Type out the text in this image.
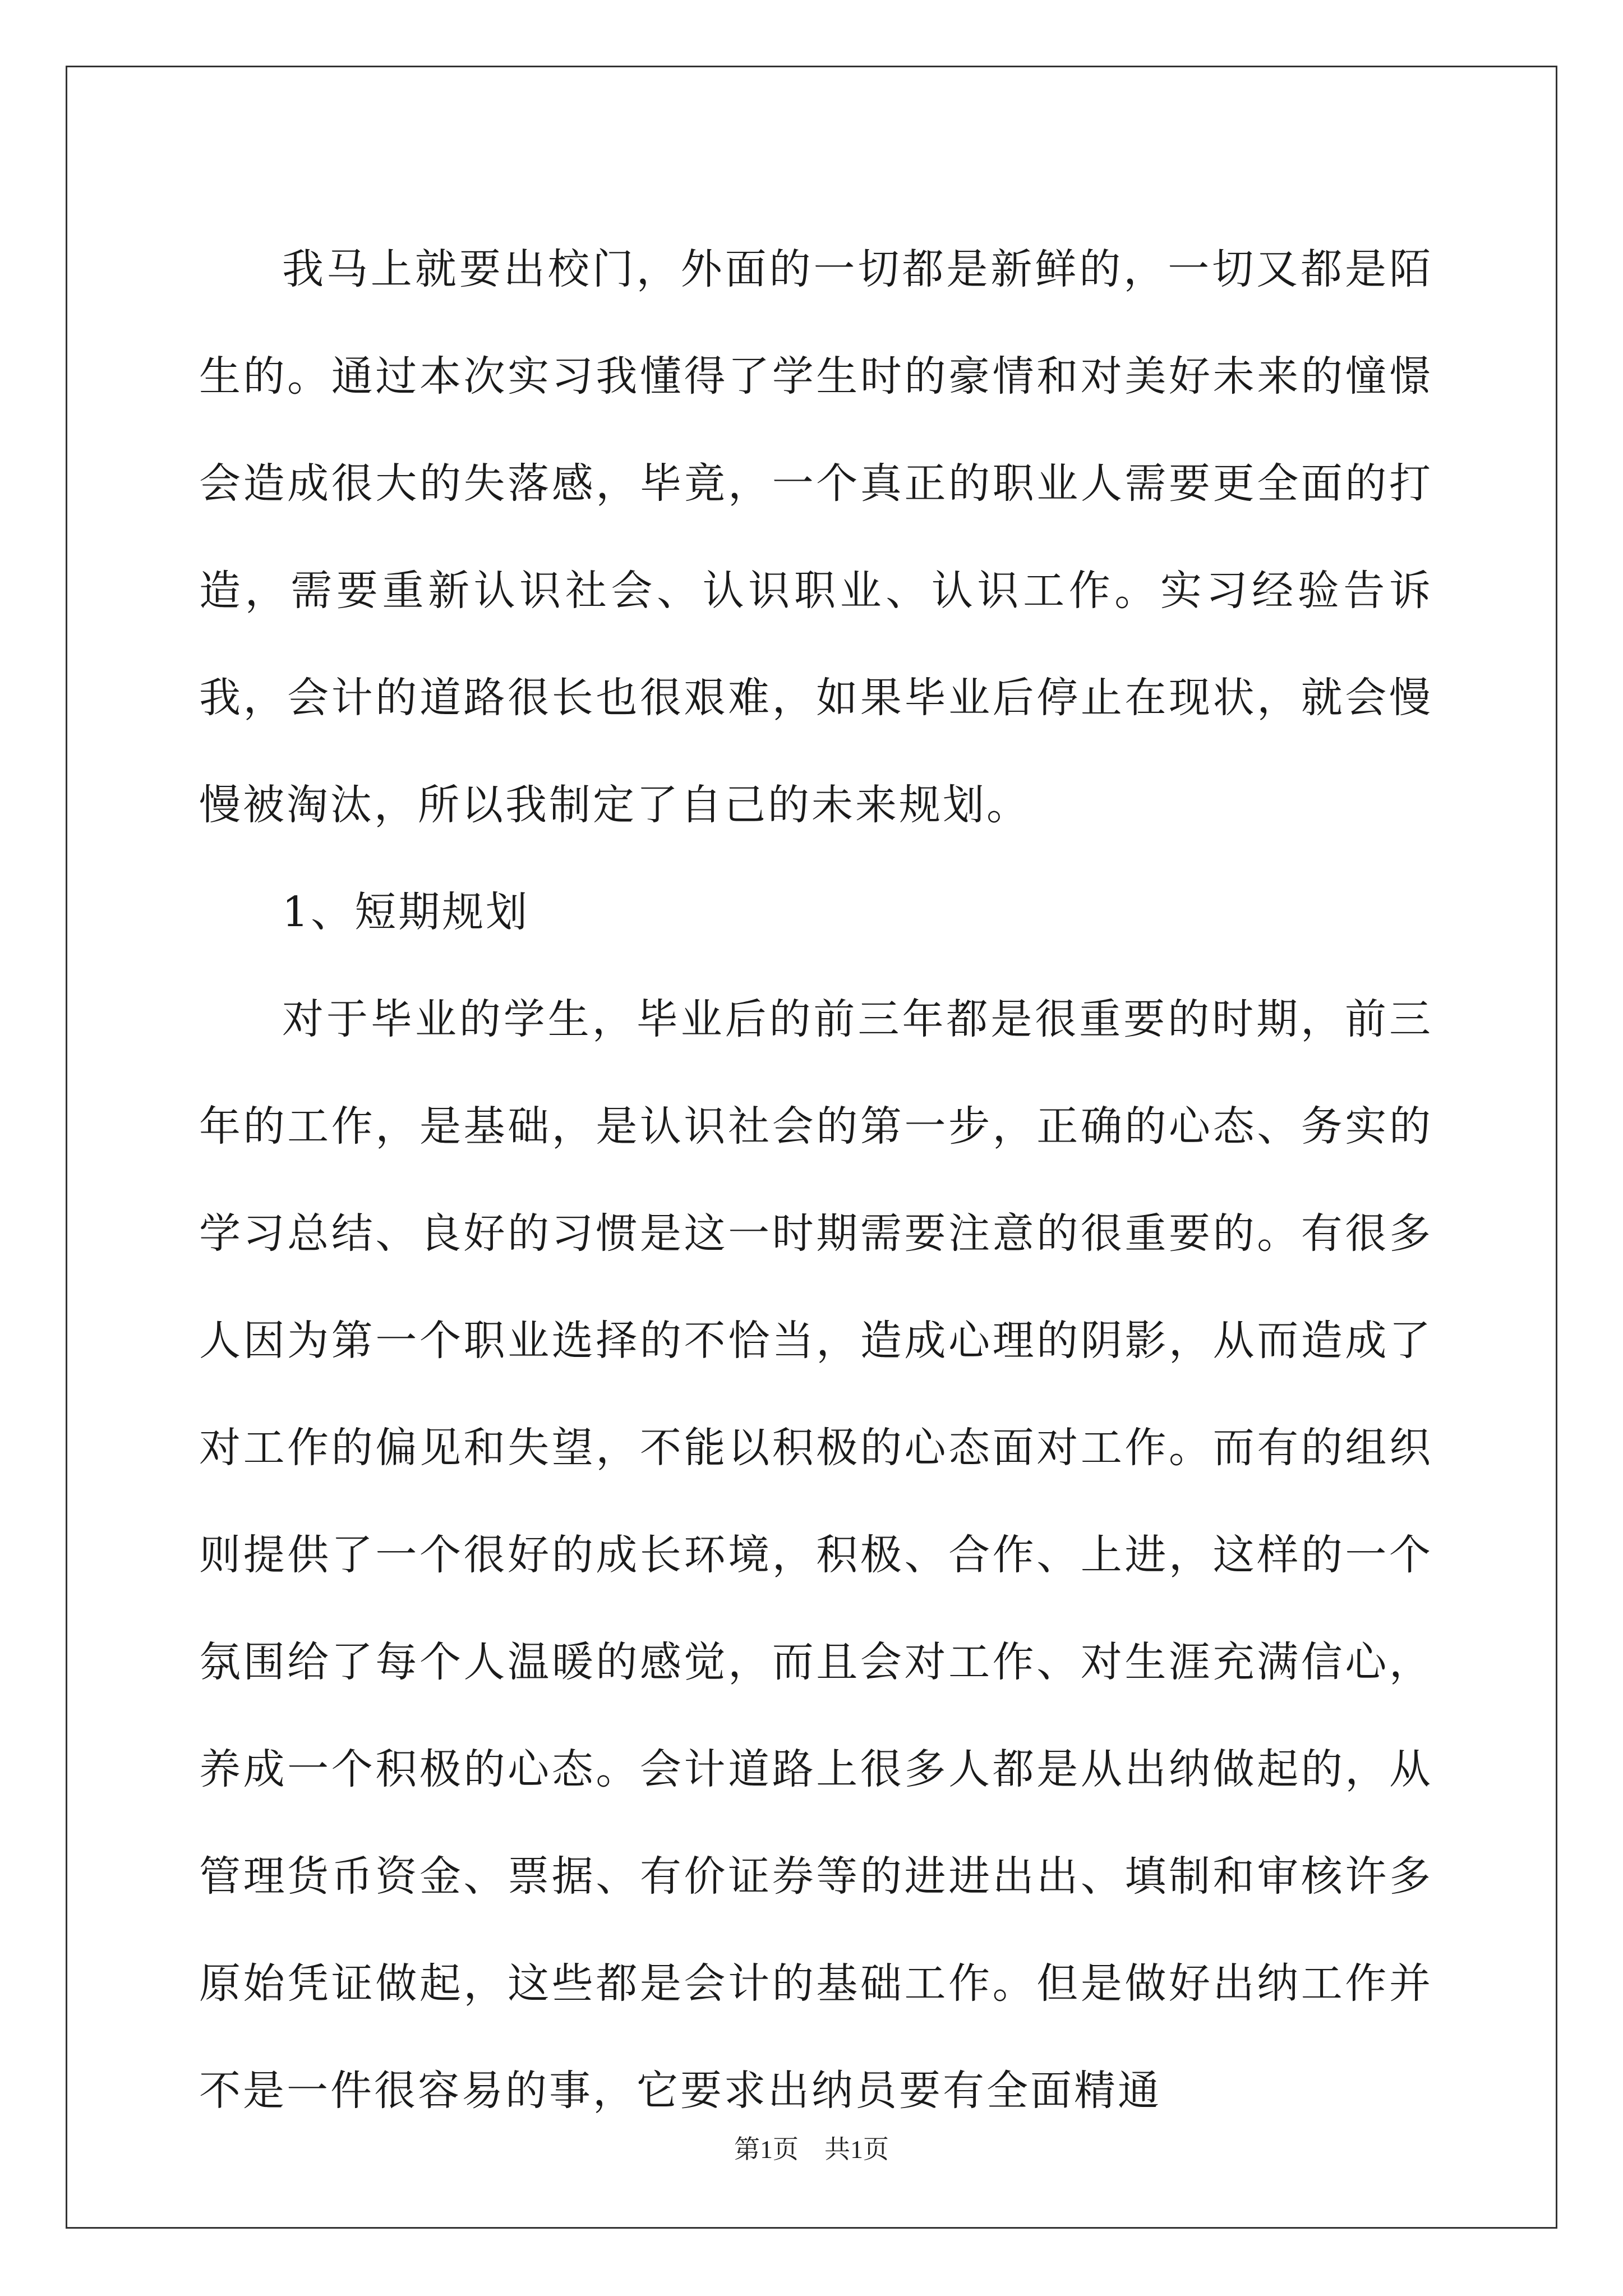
我马上就要出校门，外面的一切都是新鲜的，一切又都是陌生的。通过本次实习我懂得了学生时的豪情和对美好未来的憧憬会造成很大的失落感，毕竟，一个真正的职业人需要更全面的打造，需要重新认识社会、认识职业、认识工作。实习经验告诉我，会计的道路很长也很艰难，如果毕业后停止在现状，就会慢慢被淘汰，所以我制定了自己的未来规划。

1、短期规划

对于毕业的学生，毕业后的前三年都是很重要的时期，前三年的工作，是基础，是认识社会的第一步，正确的心态、务实的学习总结、良好的习惯是这一时期需要注意的很重要的。有很多人因为第一个职业选择的不恰当，造成心理的阴影，从而造成了对工作的偏见和失望，不能以积极的心态面对工作。而有的组织则提供了一个很好的成长环境，积极、合作、上进，这样的一个氛围给了每个人温暖的感觉，而且会对工作、对生涯充满信心，养成一个积极的心态。会计道路上很多人都是从出纳做起的，从管理货币资金、票据、有价证券等的进进出出、填制和审核许多原始凭证做起，这些都是会计的基础工作。但是做好出纳工作并不是一件很容易的事，它要求出纳员要有全面精通

第1页 共1页
